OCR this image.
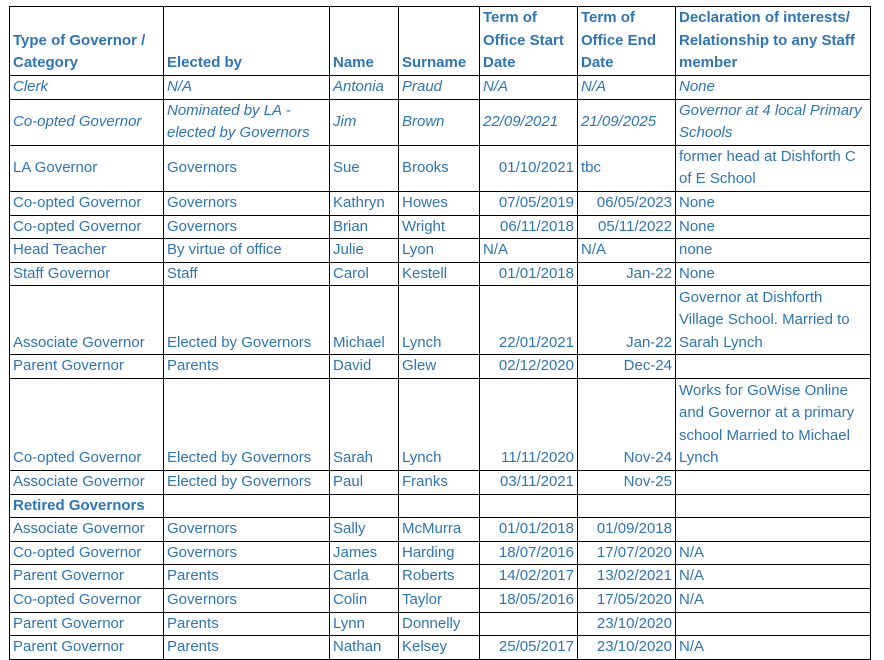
Type of Governor / Category	Elected by	Name	Surname	Term of Office Start Date	Term of Office End Date	Declaration of interests/ Relationship to any Staff member
Clerk	N/A	Antonia	Praud	N/A	N/A	None
Co-opted Governor	Nominated by LA - elected by Governors	Jim	Brown	22/09/2021	21/09/2025	Governor at 4 local Primary Schools
LA Governor	Governors	Sue	Brooks	01/10/2021	tbc	former head at Dishforth C of E School
Co-opted Governor	Governors	Kathryn	Howes	07/05/2019	06/05/2023	None
Co-opted Governor	Governors	Brian	Wright	06/11/2018	05/11/2022	None
Head Teacher	By virtue of office	Julie	Lyon	N/A	N/A	none
Staff Governor	Staff	Carol	Kestell	01/01/2018	Jan-22	None
Associate Governor	Elected by Governors	Michael	Lynch	22/01/2021	Jan-22	Governor at Dishforth Village School. Married to Sarah Lynch
Parent Governor	Parents	David	Glew	02/12/2020	Dec-24	
Co-opted Governor	Elected by Governors	Sarah	Lynch	11/11/2020	Nov-24	Works for GoWise Online and Governor at a primary school Married to Michael Lynch
Associate Governor	Elected by Governors	Paul	Franks	03/11/2021	Nov-25	
Retired Governors						
Associate Governor	Governors	Sally	McMurra	01/01/2018	01/09/2018	
Co-opted Governor	Governors	James	Harding	18/07/2016	17/07/2020	N/A
Parent Governor	Parents	Carla	Roberts	14/02/2017	13/02/2021	N/A
Co-opted Governor	Governors	Colin	Taylor	18/05/2016	17/05/2020	N/A
Parent Governor	Parents	Lynn	Donnelly		23/10/2020	
Parent Governor	Parents	Nathan	Kelsey	25/05/2017	23/10/2020	N/A
